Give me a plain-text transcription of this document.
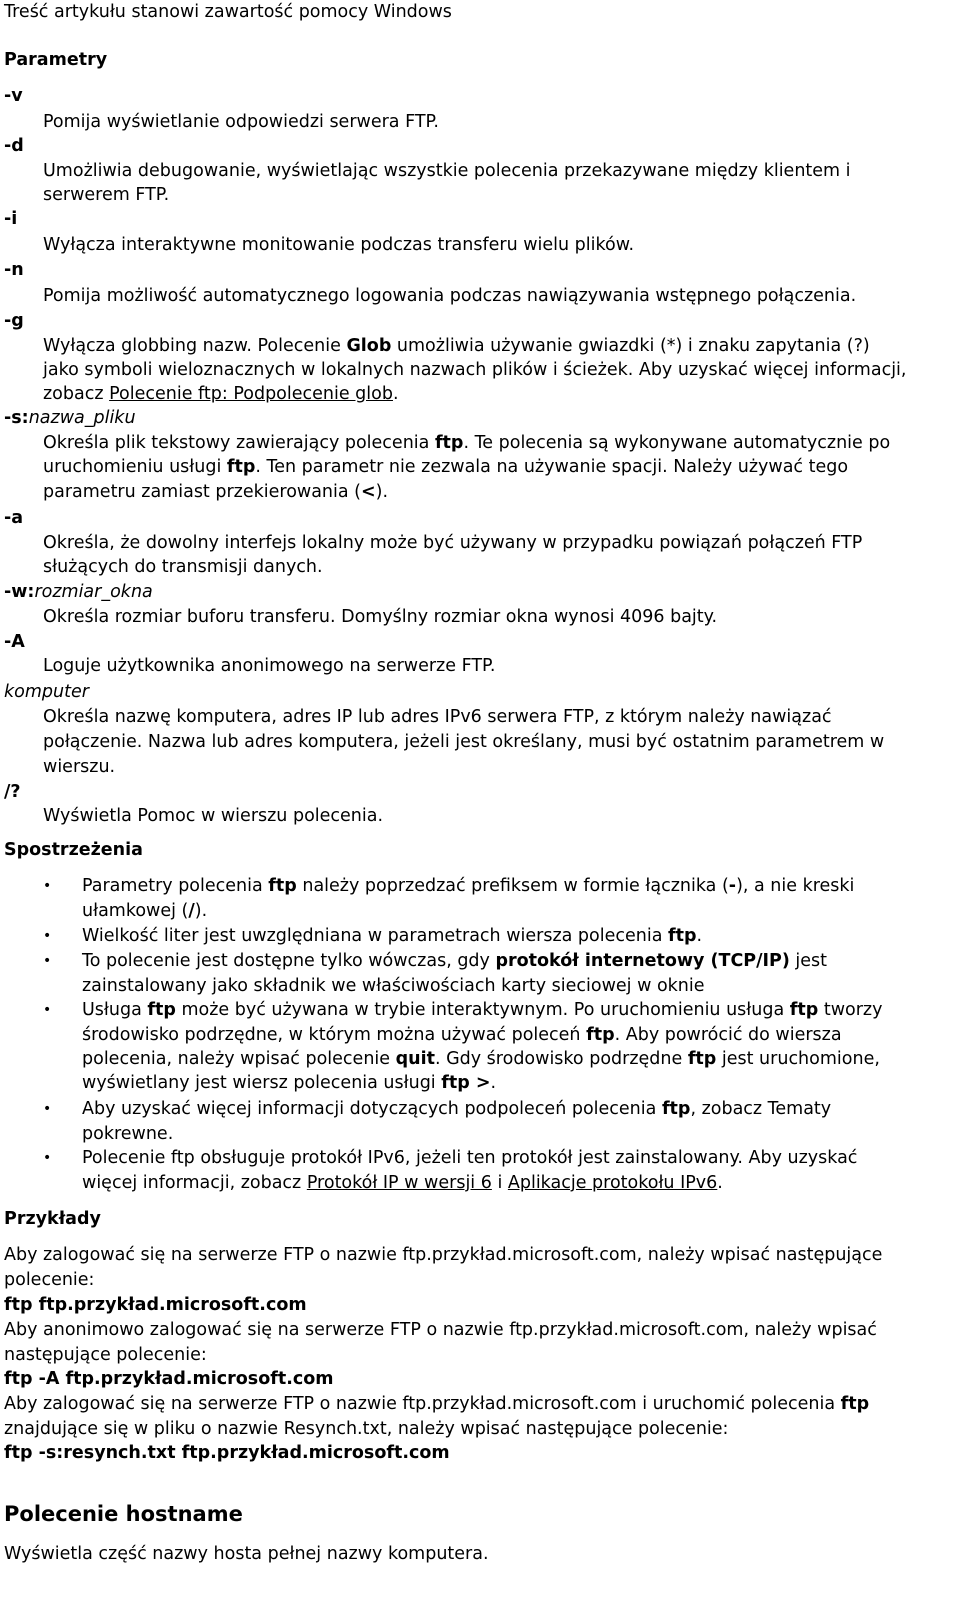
Treść artykułu stanowi zawartość pomocy Windows
Parametry
-v
Pomija wyświetlanie odpowiedzi serwera FTP.
-d
Umożliwia debugowanie, wyświetlając wszystkie polecenia przekazywane między klientem i
serwerem FTP.
-i
Wyłącza interaktywne monitowanie podczas transferu wielu plików.
-n
Pomija możliwość automatycznego logowania podczas nawiązywania wstępnego połączenia.
-g
Wyłącza globbing nazw. Polecenie Glob umożliwia używanie gwiazdki (*) i znaku zapytania (?)
jako symboli wieloznacznych w lokalnych nazwach plików i ścieżek. Aby uzyskać więcej informacji,
zobacz Polecenie ftp: Podpolecenie glob.
-s:nazwa_pliku
Określa plik tekstowy zawierający polecenia ftp. Te polecenia są wykonywane automatycznie po
uruchomieniu usługi ftp. Ten parametr nie zezwala na używanie spacji. Należy używać tego
parametru zamiast przekierowania (<).
-a
Określa, że dowolny interfejs lokalny może być używany w przypadku powiązań połączeń FTP
służących do transmisji danych.
-w:rozmiar_okna
Określa rozmiar buforu transferu. Domyślny rozmiar okna wynosi 4096 bajty.
-A
Loguje użytkownika anonimowego na serwerze FTP.
komputer
Określa nazwę komputera, adres IP lub adres IPv6 serwera FTP, z którym należy nawiązać
połączenie. Nazwa lub adres komputera, jeżeli jest określany, musi być ostatnim parametrem w
wierszu.
/?
Wyświetla Pomoc w wierszu polecenia.
Spostrzeżenia
• Parametry polecenia ftp należy poprzedzać prefiksem w formie łącznika (-), a nie kreski
ułamkowej (/).
• Wielkość liter jest uwzględniana w parametrach wiersza polecenia ftp.
• To polecenie jest dostępne tylko wówczas, gdy protokół internetowy (TCP/IP) jest
zainstalowany jako składnik we właściwościach karty sieciowej w oknie
• Usługa ftp może być używana w trybie interaktywnym. Po uruchomieniu usługa ftp tworzy
środowisko podrzędne, w którym można używać poleceń ftp. Aby powrócić do wiersza
polecenia, należy wpisać polecenie quit. Gdy środowisko podrzędne ftp jest uruchomione,
wyświetlany jest wiersz polecenia usługi ftp >.
• Aby uzyskać więcej informacji dotyczących podpoleceń polecenia ftp, zobacz Tematy
pokrewne.
• Polecenie ftp obsługuje protokół IPv6, jeżeli ten protokół jest zainstalowany. Aby uzyskać
więcej informacji, zobacz Protokół IP w wersji 6 i Aplikacje protokołu IPv6.
Przykłady
Aby zalogować się na serwerze FTP o nazwie ftp.przykład.microsoft.com, należy wpisać następujące
polecenie:
ftp ftp.przykład.microsoft.com
Aby anonimowo zalogować się na serwerze FTP o nazwie ftp.przykład.microsoft.com, należy wpisać
następujące polecenie:
ftp -A ftp.przykład.microsoft.com
Aby zalogować się na serwerze FTP o nazwie ftp.przykład.microsoft.com i uruchomić polecenia ftp
znajdujące się w pliku o nazwie Resynch.txt, należy wpisać następujące polecenie:
ftp -s:resynch.txt ftp.przykład.microsoft.com
Polecenie hostname
Wyświetla część nazwy hosta pełnej nazwy komputera.
